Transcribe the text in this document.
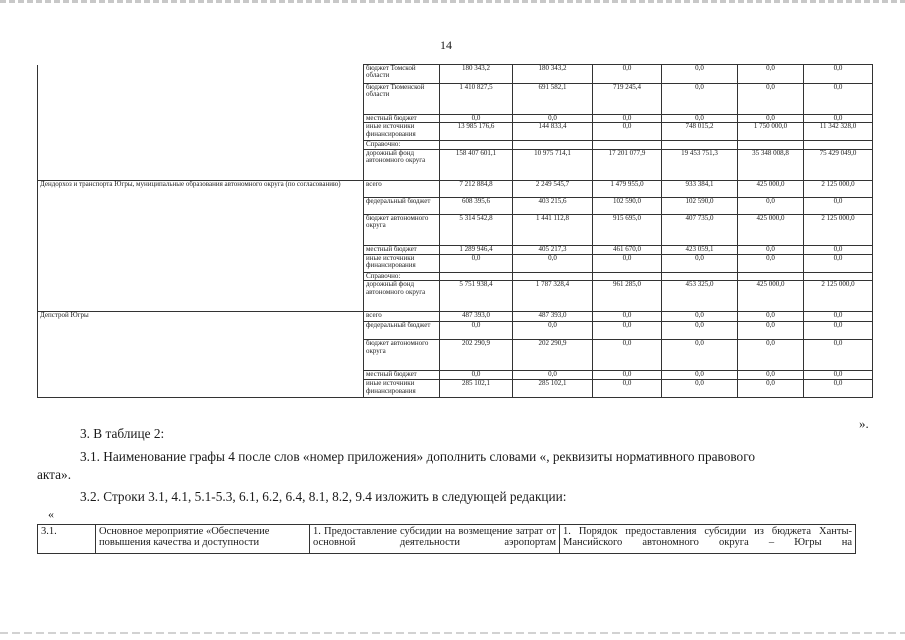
14
	бюджет Томской области	180 343,2	180 343,2	0,0	0,0	0,0	0,0
	бюджет Тюменской области	1 410 827,5	691 582,1	719 245,4	0,0	0,0	0,0
	местный бюджет	0,0	0,0	0,0	0,0	0,0	0,0
	иные источники финансирования	13 985 176,6	144 833,4	0,0	748 015,2	1 750 000,0	11 342 328,0
	Справочно:						
	дорожный фонд автономного округа	158 407 601,1	10 975 714,1	17 201 077,9	19 453 751,3	35 348 008,8	75 429 049,0
Дендорхоз и транспорта Югры, муниципальные образования автономного округа (по согласованию)	всего	7 212 884,8	2 249 545,7	1 479 955,0	933 384,1	425 000,0	2 125 000,0
	федеральный бюджет	608 395,6	403 215,6	102 590,0	102 590,0	0,0	0,0
	бюджет автономного округа	5 314 542,8	1 441 112,8	915 695,0	407 735,0	425 000,0	2 125 000,0
	местный бюджет	1 289 946,4	405 217,3	461 670,0	423 059,1	0,0	0,0
	иные источники финансирования	0,0	0,0	0,0	0,0	0,0	0,0
	Справочно:						
	дорожный фонд автономного округа	5 751 938,4	1 787 328,4	961 285,0	453 325,0	425 000,0	2 125 000,0
Депстрой Югры	всего	487 393,0	487 393,0	0,0	0,0	0,0	0,0
	федеральный бюджет	0,0	0,0	0,0	0,0	0,0	0,0
	бюджет автономного округа	202 290,9	202 290,9	0,0	0,0	0,0	0,0
	местный бюджет	0,0	0,0	0,0	0,0	0,0	0,0
	иные источники финансирования	285 102,1	285 102,1	0,0	0,0	0,0	0,0
».
3. В таблице 2:
3.1. Наименование графы 4 после слов «номер приложения» дополнить словами «, реквизиты нормативного правового
акта».
3.2. Строки 3.1, 4.1, 5.1-5.3, 6.1, 6.2, 6.4, 8.1, 8.2, 9.4 изложить в следующей редакции:
«
3.1.	Основное мероприятие «Обеспечение повышения качества и доступности	1. Предоставление субсидии на возмещение затрат от основной деятельности аэропортам	1. Порядок предоставления субсидии из бюджета Ханты-Мансийского автономного округа – Югры на
